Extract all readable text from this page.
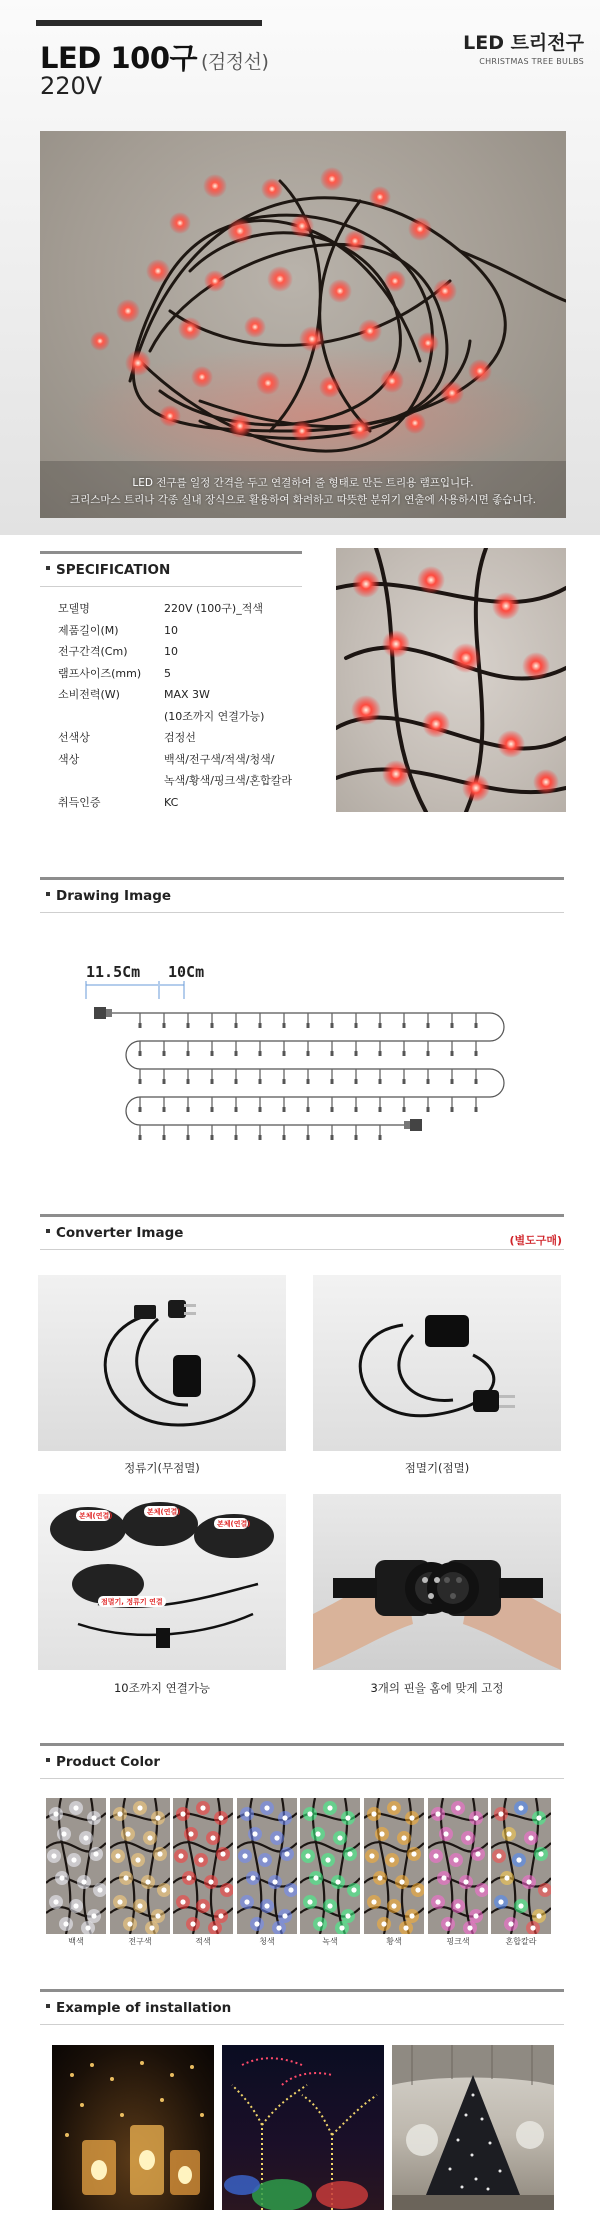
LED 100구 (검정선)
220V
LED 트리전구
CHRISTMAS TREE BULBS
LED 전구를 일정 간격을 두고 연결하여 줄 형태로 만든 트리용 램프입니다.
크리스마스 트리나 각종 실내 장식으로 활용하여 화려하고 따뜻한 분위기 연출에 사용하시면 좋습니다.
SPECIFICATION
모델명	220V (100구)_적색
제품길이(M)	10
전구간격(Cm)	10
램프사이즈(mm)	5
소비전력(W)	MAX 3W
(10조까지 연결가능)
선색상	검정선
색상	백색/전구색/적색/청색/
녹색/황색/핑크색/혼합칼라
취득인증	KC
Drawing Image
11.5Cm 10Cm
Converter Image	(별도구매)
정류기(무점멸)	점멸기(점멸)
본체(연결)	본체(연결)
본체(연결)
점멸기, 정류기 연결
10조까지 연결가능	3개의 핀을 홈에 맞게 고정
Product Color
백색	전구색	적색	청색	녹색	황색	핑크색	혼합칼라
Example of installation
